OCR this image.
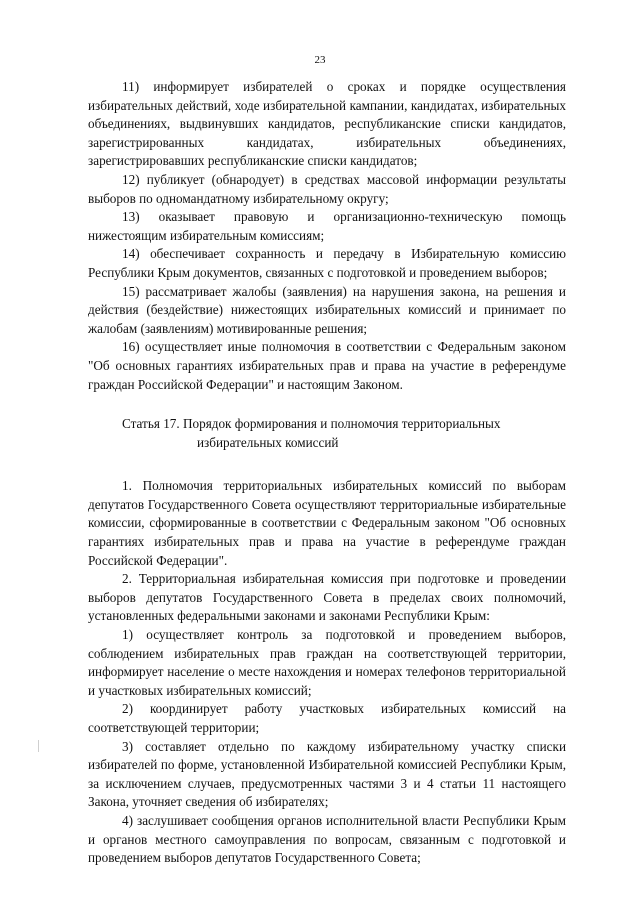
23

11) информирует избирателей о сроках и порядке осуществления избирательных действий, ходе избирательной кампании, кандидатах, избирательных объединениях, выдвинувших кандидатов, республиканские списки кандидатов, зарегистрированных кандидатах, избирательных объединениях, зарегистрировавших республиканские списки кандидатов;

12) публикует (обнародует) в средствах массовой информации результаты выборов по одномандатному избирательному округу;

13) оказывает правовую и организационно-техническую помощь нижестоящим избирательным комиссиям;

14) обеспечивает сохранность и передачу в Избирательную комиссию Республики Крым документов, связанных с подготовкой и проведением выборов;

15) рассматривает жалобы (заявления) на нарушения закона, на решения и действия (бездействие) нижестоящих избирательных комиссий и принимает по жалобам (заявлениям) мотивированные решения;

16) осуществляет иные полномочия в соответствии с Федеральным законом "Об основных гарантиях избирательных прав и права на участие в референдуме граждан Российской Федерации" и настоящим Законом.

Статья 17. Порядок формирования и полномочия территориальных
избирательных комиссий

1. Полномочия территориальных избирательных комиссий по выборам депутатов Государственного Совета осуществляют территориальные избирательные комиссии, сформированные в соответствии с Федеральным законом "Об основных гарантиях избирательных прав и права на участие в референдуме граждан Российской Федерации".

2. Территориальная избирательная комиссия при подготовке и проведении выборов депутатов Государственного Совета в пределах своих полномочий, установленных федеральными законами и законами Республики Крым:

1) осуществляет контроль за подготовкой и проведением выборов, соблюдением избирательных прав граждан на соответствующей территории, информирует население о месте нахождения и номерах телефонов территориальной и участковых избирательных комиссий;

2) координирует работу участковых избирательных комиссий на соответствующей территории;

3) составляет отдельно по каждому избирательному участку списки избирателей по форме, установленной Избирательной комиссией Республики Крым, за исключением случаев, предусмотренных частями 3 и 4 статьи 11 настоящего Закона, уточняет сведения об избирателях;

4) заслушивает сообщения органов исполнительной власти Республики Крым и органов местного самоуправления по вопросам, связанным с подготовкой и проведением выборов депутатов Государственного Совета;
